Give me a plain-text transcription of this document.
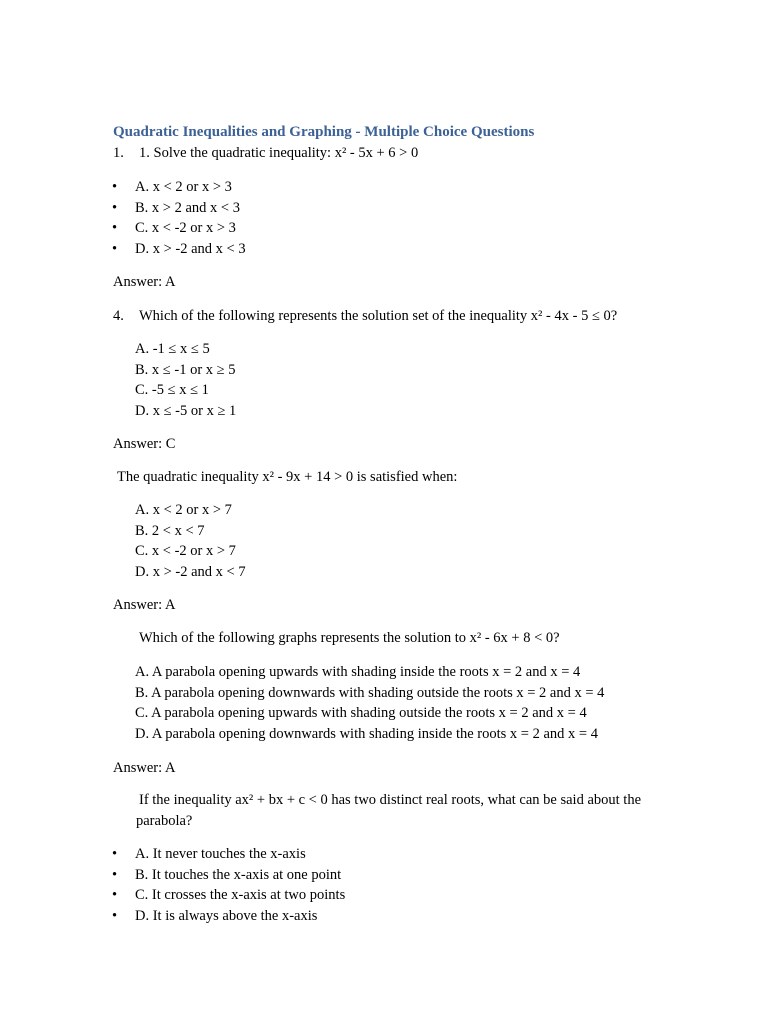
Quadratic Inequalities and Graphing - Multiple Choice Questions
1. 1. Solve the quadratic inequality: x² - 5x + 6 > 0
• A. x < 2 or x > 3
• B. x > 2 and x < 3
• C. x < -2 or x > 3
• D. x > -2 and x < 3
Answer: A
4. Which of the following represents the solution set of the inequality x² - 4x - 5 ≤ 0?
A. -1 ≤ x ≤ 5
B. x ≤ -1 or x ≥ 5
C. -5 ≤ x ≤ 1
D. x ≤ -5 or x ≥ 1
Answer: C
The quadratic inequality x² - 9x + 14 > 0 is satisfied when:
A. x < 2 or x > 7
B. 2 < x < 7
C. x < -2 or x > 7
D. x > -2 and x < 7
Answer: A
Which of the following graphs represents the solution to x² - 6x + 8 < 0?
A. A parabola opening upwards with shading inside the roots x = 2 and x = 4
B. A parabola opening downwards with shading outside the roots x = 2 and x = 4
C. A parabola opening upwards with shading outside the roots x = 2 and x = 4
D. A parabola opening downwards with shading inside the roots x = 2 and x = 4
Answer: A
If the inequality ax² + bx + c < 0 has two distinct real roots, what can be said about the parabola?
• A. It never touches the x-axis
• B. It touches the x-axis at one point
• C. It crosses the x-axis at two points
• D. It is always above the x-axis
